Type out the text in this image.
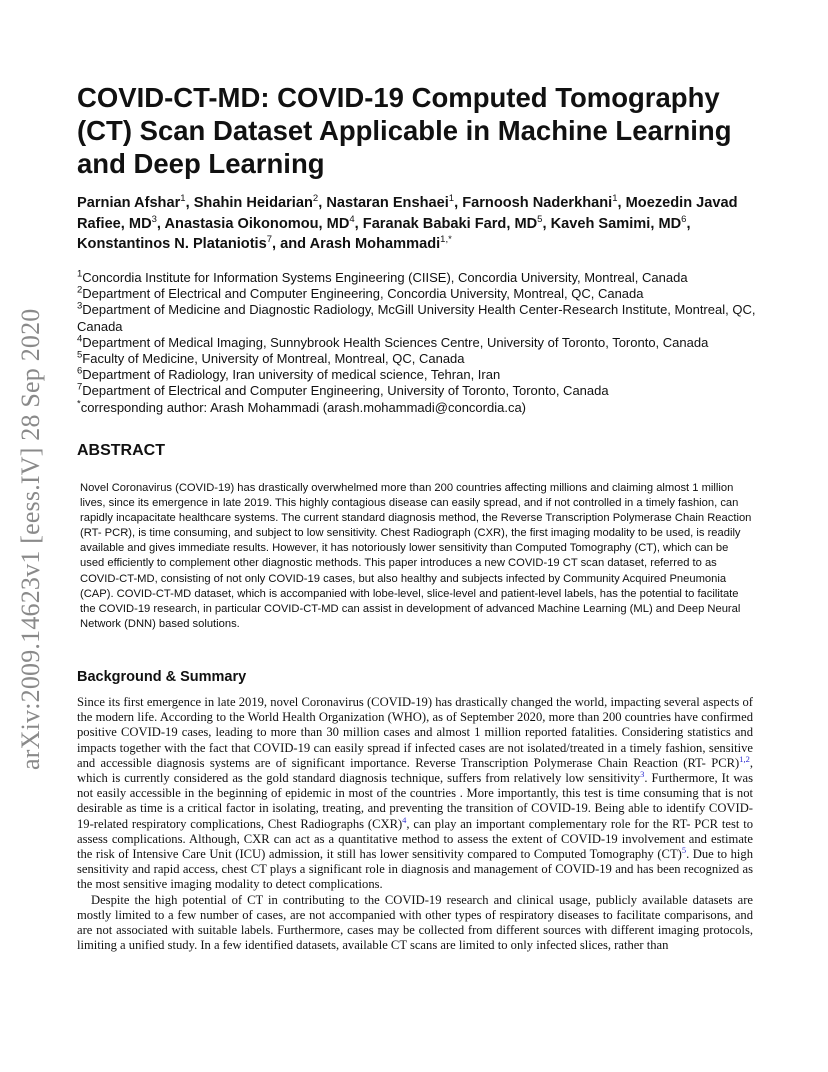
arXiv:2009.14623v1 [eess.IV] 28 Sep 2020
COVID-CT-MD: COVID-19 Computed Tomography (CT) Scan Dataset Applicable in Machine Learning and Deep Learning
Parnian Afshar$^1$, Shahin Heidarian$^2$, Nastaran Enshaei$^1$, Farnoosh Naderkhani$^1$, Moezedin Javad Rafiee, $MD^3$, Anastasia Oikonomou, $MD^4$, Faranak Babaki Fard, $MD^5$, Kaveh Samimi, $MD^6$, Konstantinos N. Plataniotis$^7$, and Arash Mohammadi$^{1,*}$
$^1$Concordia Institute for Information Systems Engineering (CIISE), Concordia University, Montreal, Canada
$^2$Department of Electrical and Computer Engineering, Concordia University, Montreal, QC, Canada
$^3$Department of Medicine and Diagnostic Radiology, McGill University Health Center-Research Institute, Montreal, QC, Canada
$^4$Department of Medical Imaging, Sunnybrook Health Sciences Centre, University of Toronto, Toronto, Canada
$^5$Faculty of Medicine, University of Montreal, Montreal, QC, Canada
$^6$Department of Radiology, Iran university of medical science, Tehran, Iran
$^7$Department of Electrical and Computer Engineering, University of Toronto, Toronto, Canada
*corresponding author: Arash Mohammadi (arash.mohammadi@concordia.ca)
ABSTRACT

Novel Coronavirus (COVID-19) has drastically overwhelmed more than 200 countries affecting millions and claiming almost 1 million lives, since its emergence in late 2019. This highly contagious disease can easily spread, and if not controlled in a timely fashion, can rapidly incapacitate healthcare systems. The current standard diagnosis method, the Reverse Transcription Polymerase Chain Reaction (RT- PCR), is time consuming, and subject to low sensitivity. Chest Radiograph (CXR), the first imaging modality to be used, is readily available and gives immediate results. However, it has notoriously lower sensitivity than Computed Tomography (CT), which can be used efficiently to complement other diagnostic methods. This paper introduces a new COVID-19 CT scan dataset, referred to as COVID-CT-MD, consisting of not only COVID-19 cases, but also healthy and subjects infected by Community Acquired Pneumonia (CAP). COVID-CT-MD dataset, which is accompanied with lobe-level, slice-level and patient-level labels, has the potential to facilitate the COVID-19 research, in particular COVID-CT-MD can assist in development of advanced Machine Learning (ML) and Deep Neural Network (DNN) based solutions.

Background & Summary

Since its first emergence in late 2019, novel Coronavirus (COVID-19) has drastically changed the world, impacting several aspects of the modern life. According to the World Health Organization (WHO), as of September 2020, more than 200 countries have confirmed positive COVID-19 cases, leading to more than 30 million cases and almost 1 million reported fatalities. Considering statistics and impacts together with the fact that COVID-19 can easily spread if infected cases are not isolated/treated in a timely fashion, sensitive and accessible diagnosis systems are of significant importance. Reverse Transcription Polymerase Chain Reaction (RT- PCR)$^{1,2}$, which is currently considered as the gold standard diagnosis technique, suffers from relatively low sensitivity$^3$. Furthermore, It was not easily accessible in the beginning of epidemic in most of the countries . More importantly, this test is time consuming that is not desirable as time is a critical factor in isolating, treating, and preventing the transition of COVID-19. Being able to identify COVID-19-related respiratory complications, Chest Radiographs (CXR)$^4$, can play an important complementary role for the RT- PCR test to assess complications. Although, CXR can act as a quantitative method to assess the extent of COVID-19 involvement and estimate the risk of Intensive Care Unit (ICU) admission, it still has lower sensitivity compared to Computed Tomography (CT)$^5$. Due to high sensitivity and rapid access, chest CT plays a significant role in diagnosis and management of COVID-19 and has been recognized as the most sensitive imaging modality to detect complications.

Despite the high potential of CT in contributing to the COVID-19 research and clinical usage, publicly available datasets are mostly limited to a few number of cases, are not accompanied with other types of respiratory diseases to facilitate comparisons, and are not associated with suitable labels. Furthermore, cases may be collected from different sources with different imaging protocols, limiting a unified study. In a few identified datasets, available CT scans are limited to only infected slices, rather than
